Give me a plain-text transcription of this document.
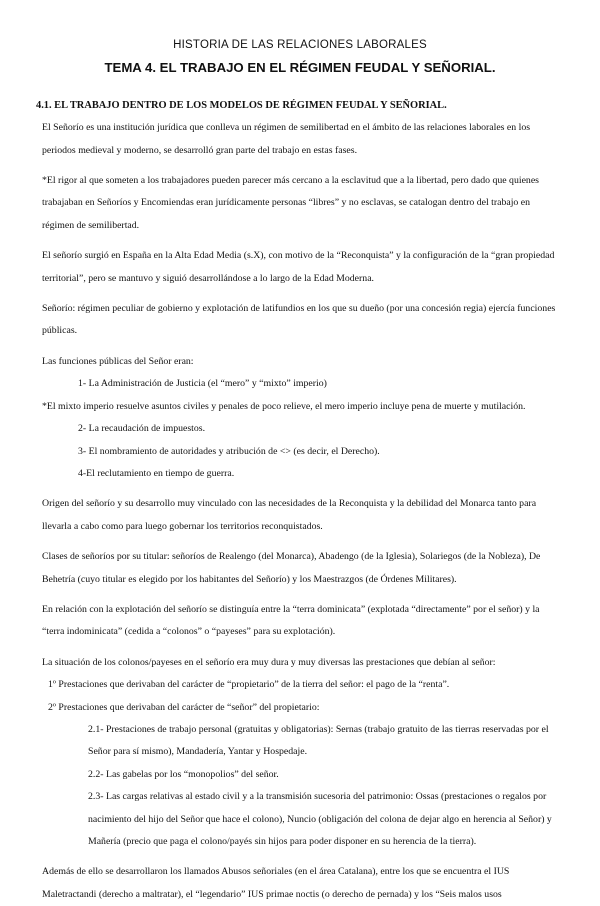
HISTORIA DE LAS RELACIONES LABORALES

TEMA 4. EL TRABAJO EN EL RÉGIMEN FEUDAL Y SEÑORIAL.

4.1. EL TRABAJO DENTRO DE LOS MODELOS DE RÉGIMEN FEUDAL Y SEÑORIAL.

El Señorío es una institución jurídica que conlleva un régimen de semilibertad en el ámbito de las relaciones laborales en los periodos medieval y moderno, se desarrolló gran parte del trabajo en estas fases.

*El rigor al que someten a los trabajadores pueden parecer más cercano a la esclavitud que a la libertad, pero dado que quienes trabajaban en Señoríos y Encomiendas eran jurídicamente personas “libres” y no esclavas, se catalogan dentro del trabajo en régimen de semilibertad.

El señorío surgió en España en la Alta Edad Media (s.X), con motivo de la “Reconquista” y la configuración de la “gran propiedad territorial”, pero se mantuvo y siguió desarrollándose a lo largo de la Edad Moderna.

Señorío: régimen peculiar de gobierno y explotación de latifundios en los que su dueño (por una concesión regia) ejercía funciones públicas.

Las funciones públicas del Señor eran:

1- La Administración de Justicia (el “mero” y “mixto” imperio)

*El mixto imperio resuelve asuntos civiles y penales de poco relieve, el mero imperio incluye pena de muerte y mutilación.

2- La recaudación de impuestos.

3- El nombramiento de autoridades y atribución de <> (es decir, el Derecho).

4-El reclutamiento en tiempo de guerra.

Origen del señorío y su desarrollo muy vinculado con las necesidades de la Reconquista y la debilidad del Monarca tanto para llevarla a cabo como para luego gobernar los territorios reconquistados.

Clases de señoríos por su titular: señoríos de Realengo (del Monarca), Abadengo (de la Iglesia), Solariegos (de la Nobleza), De Behetría (cuyo titular es elegido por los habitantes del Señorío) y los Maestrazgos (de Órdenes Militares).

En relación con la explotación del señorío se distinguía entre la “terra dominicata” (explotada “directamente” por el señor) y la “terra indominicata” (cedida a “colonos” o “payeses” para su explotación).

La situación de los colonos/payeses en el señorío era muy dura y muy diversas las prestaciones que debían al señor:

1º Prestaciones que derivaban del carácter de “propietario” de la tierra del señor: el pago de la “renta”.

2º Prestaciones que derivaban del carácter de “señor” del propietario:

2.1- Prestaciones de trabajo personal (gratuitas y obligatorias): Sernas (trabajo gratuito de las tierras reservadas por el Señor para sí mismo), Mandadería, Yantar y Hospedaje.

2.2- Las gabelas por los “monopolios” del señor.

2.3- Las cargas relativas al estado civil y a la transmisión sucesoria del patrimonio: Ossas (prestaciones o regalos por nacimiento del hijo del Señor que hace el colono), Nuncio (obligación del colona de dejar algo en herencia al Señor) y Mañería (precio que paga el colono/payés sin hijos para poder disponer en su herencia de la tierra).

Además de ello se desarrollaron los llamados Abusos señoriales (en el área Catalana), entre los que se encuentra el IUS Maletractandi (derecho a maltratar), el “legendario” IUS primae noctis (o derecho de pernada) y los “Seis malos usos
